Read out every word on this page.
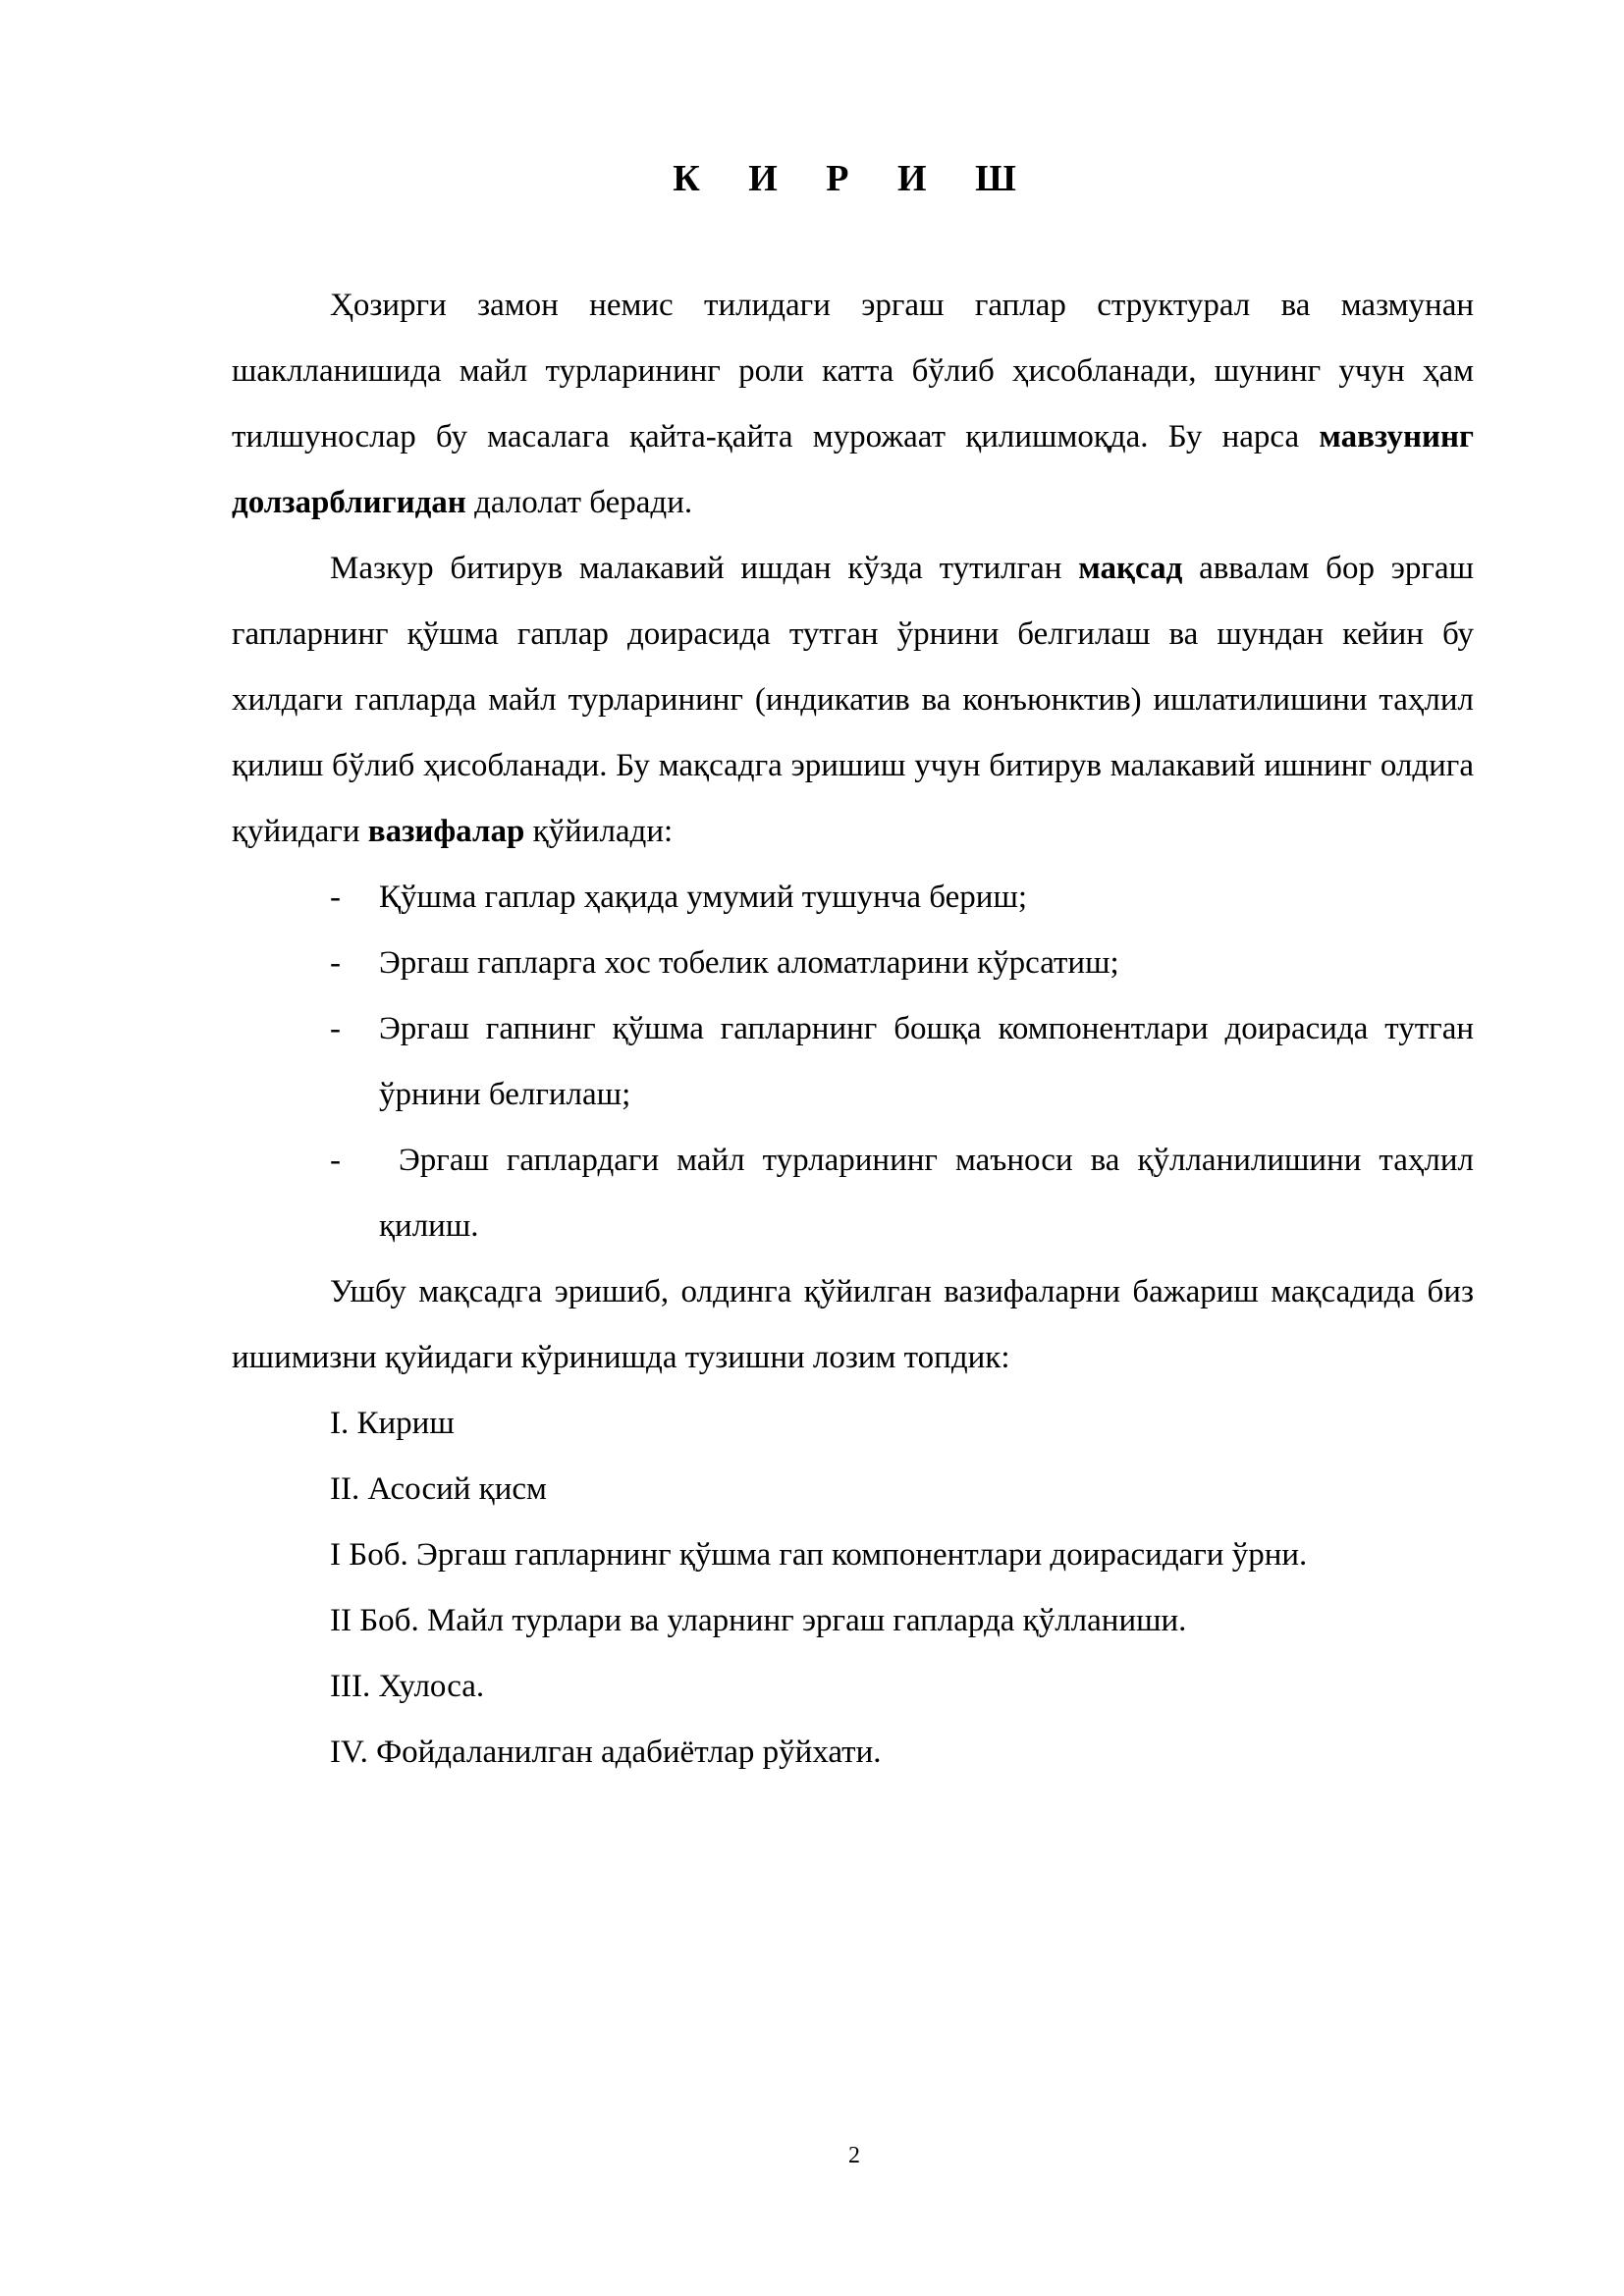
К И Р И Ш

Ҳозирги замон немис тилидаги эргаш гаплар структурал ва мазмунан шаклланишида майл турларининг роли катта бўлиб ҳисобланади, шунинг учун ҳам тилшунослар бу масалага қайта-қайта мурожаат қилишмоқда. Бу нарса мавзунинг долзарблигидан далолат беради.

Мазкур битирув малакавий ишдан кўзда тутилган мақсад аввалам бор эргаш гапларнинг қўшма гаплар доирасида тутган ўрнини белгилаш ва шундан кейин бу хилдаги гапларда майл турларининг (индикатив ва конъюнктив) ишлатилишини таҳлил қилиш бўлиб ҳисобланади. Бу мақсадга эришиш учун битирув малакавий ишнинг олдига қуйидаги вазифалар қўйилади:

- Қўшма гаплар ҳақида умумий тушунча бериш;
- Эргаш гапларга хос тобелик аломатларини кўрсатиш;
- Эргаш гапнинг қўшма гапларнинг бошқа компонентлари доирасида тутган ўрнини белгилаш;
- Эргаш гаплардаги майл турларининг маъноси ва қўлланилишини таҳлил қилиш.

Ушбу мақсадга эришиб, олдинга қўйилган вазифаларни бажариш мақсадида биз ишимизни қуйидаги кўринишда тузишни лозим топдик:

I. Кириш

II. Асосий қисм

I Боб. Эргаш гапларнинг қўшма гап компонентлари доирасидаги ўрни.

II Боб. Майл турлари ва уларнинг эргаш гапларда қўлланиши.

III. Хулоса.

IV. Фойдаланилган адабиётлар рўйхати.

2
